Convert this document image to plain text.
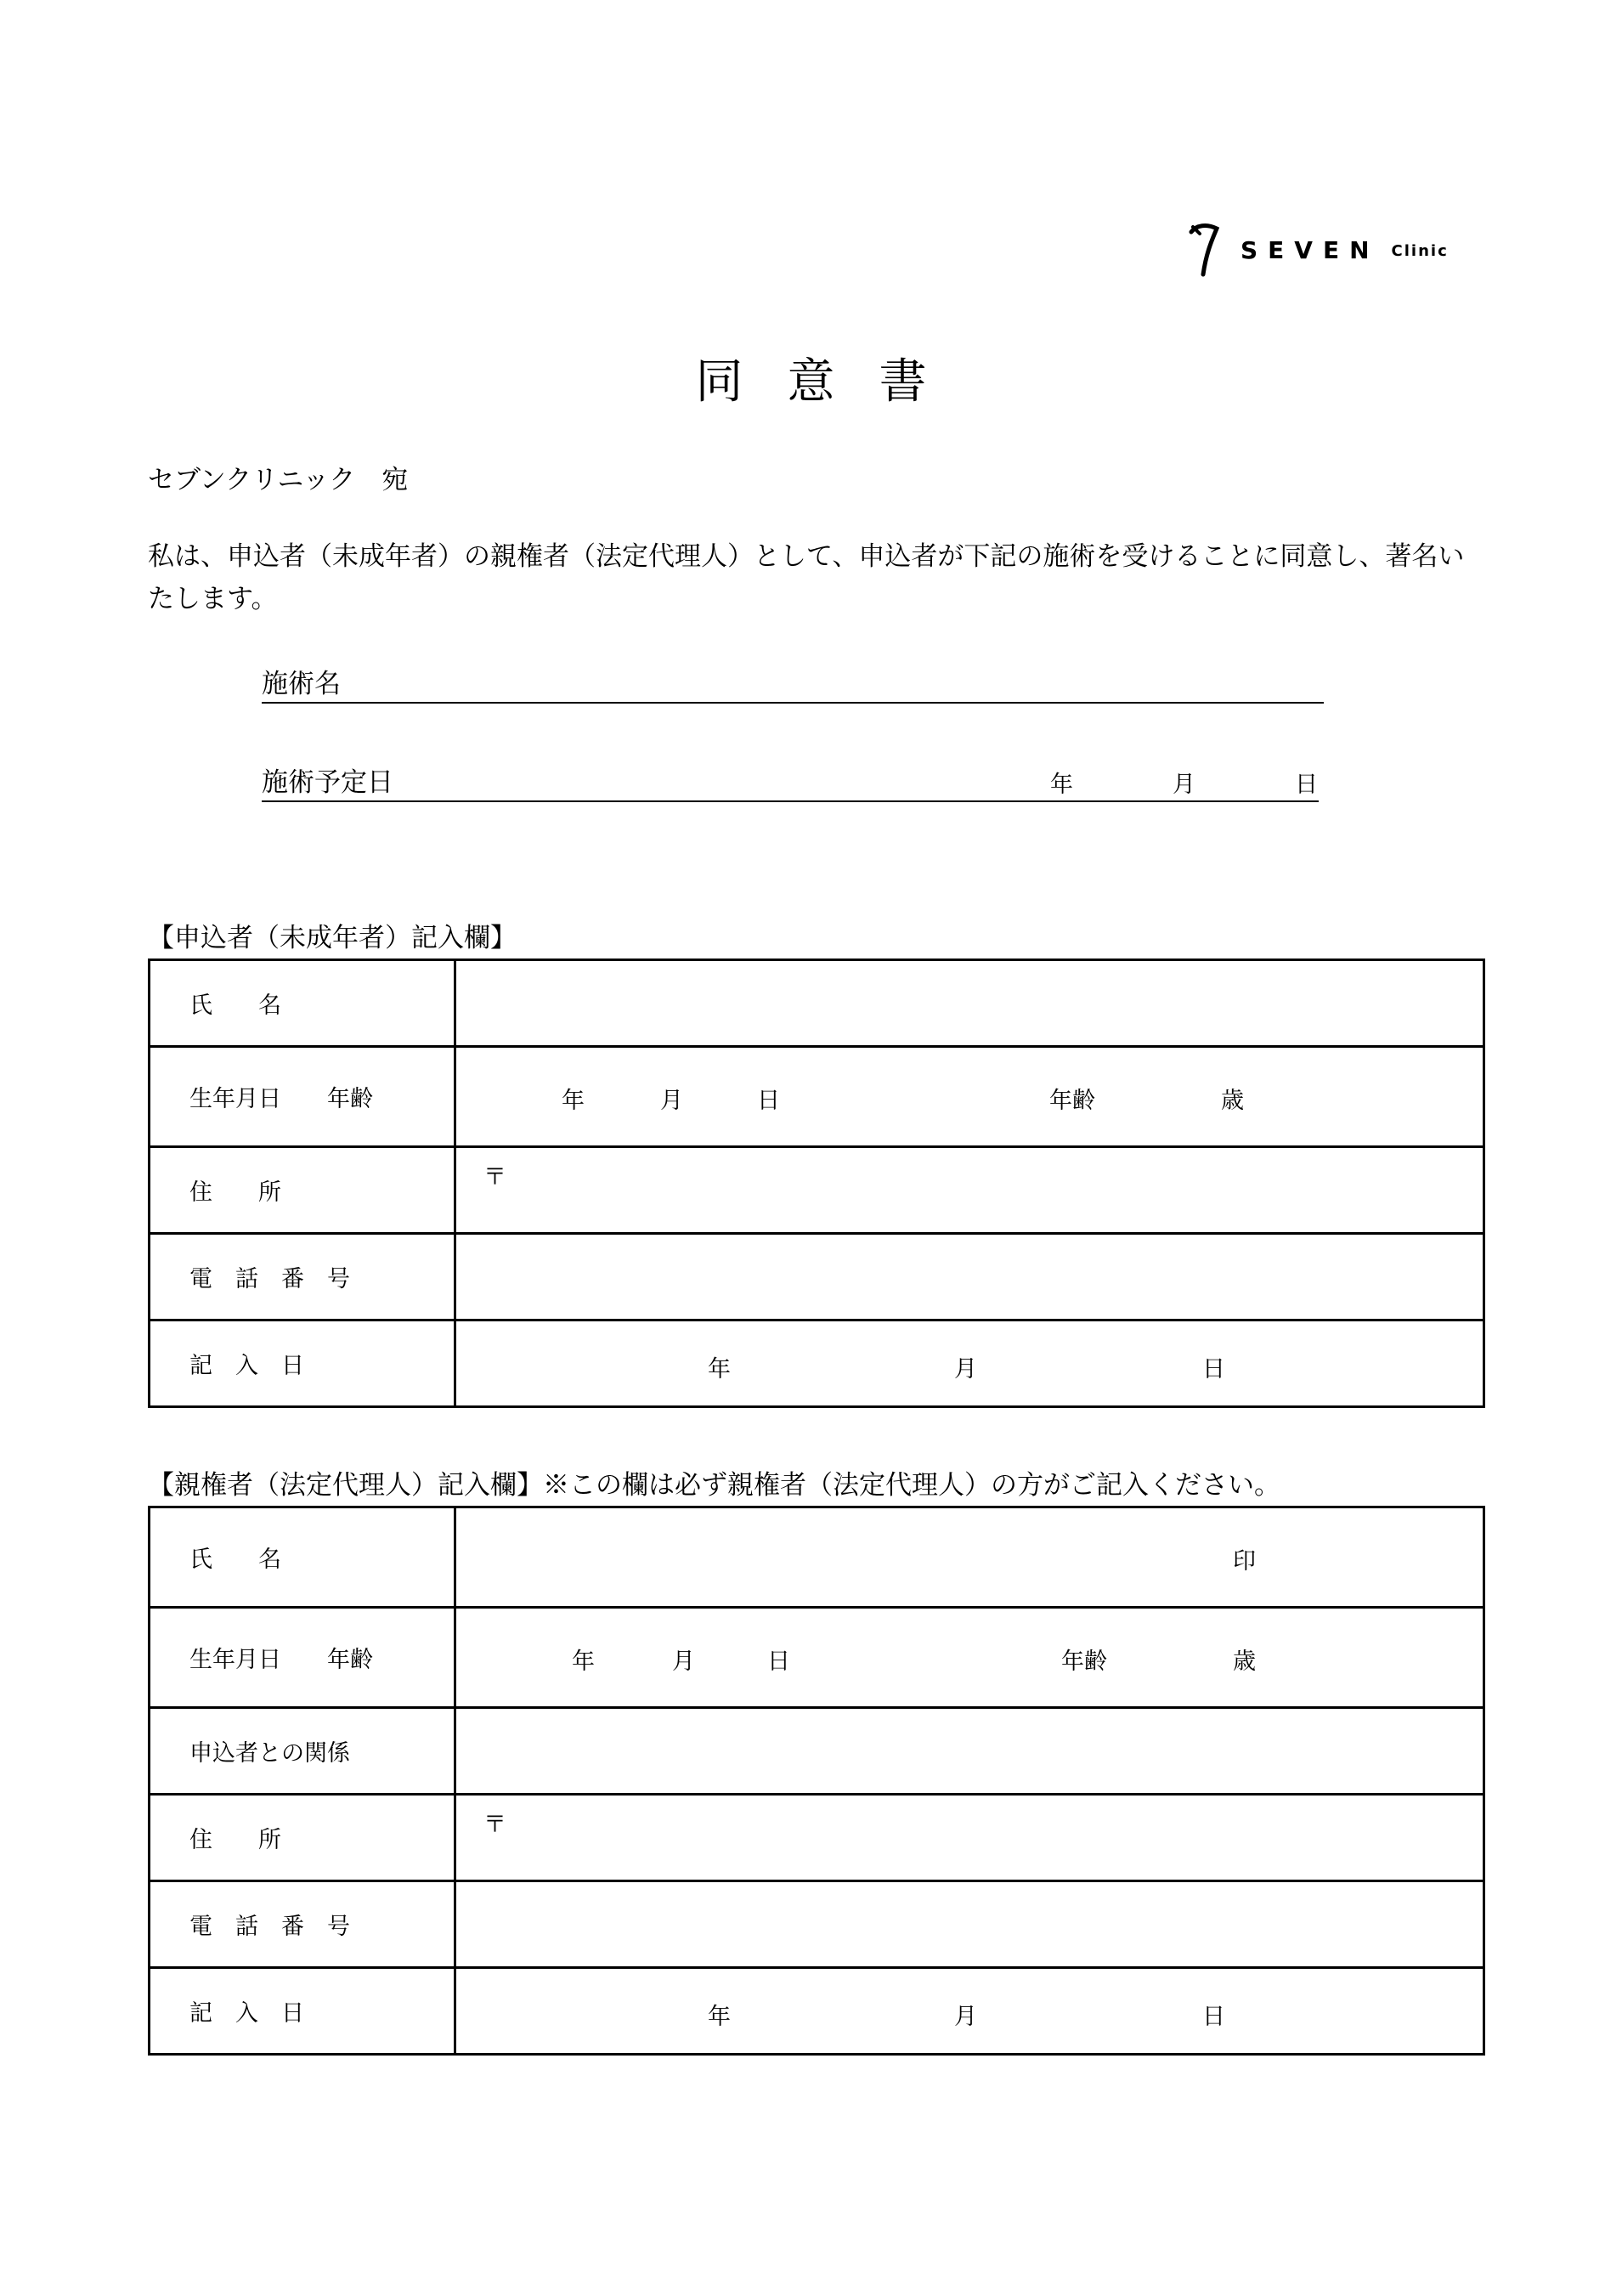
SEVEN Clinic
同意書
セブンクリニック　宛
私は、申込者（未成年者）の親権者（法定代理人）として、申込者が下記の施術を受けることに同意し、著名いたします。
施術名
施術予定日	年	月	日
【申込者（未成年者）記入欄】
氏　　名	
生年月日　　年齢	年 月 日 年齢 歳

住　　所	〒

電　話　番　号	
記　入　日	年 月 日
【親権者（法定代理人）記入欄】※この欄は必ず親権者（法定代理人）の方がご記入ください。
氏　　名	印

生年月日　　年齢	年 月 日 年齢 歳

申込者との関係	
住　　所	〒

電　話　番　号	
記　入　日	年 月 日
